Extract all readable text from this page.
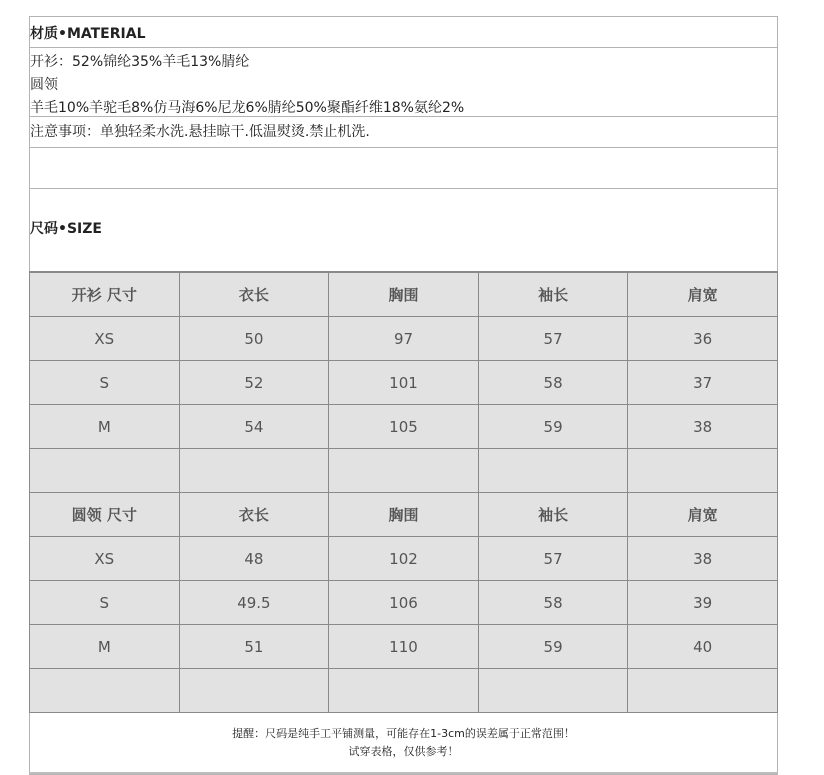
材质•MATERIAL
开衫：52%锦纶35%羊毛13%腈纶
圆领
羊毛10%羊驼毛8%仿马海6%尼龙6%腈纶50%聚酯纤维18%氨纶2%
注意事项：单独轻柔水洗.悬挂晾干.低温熨烫.禁止机洗.
尺码•SIZE
开衫 尺寸	衣长	胸围	袖长	肩宽
XS	50	97	57	36
S	52	101	58	37
M	54	105	59	38

圆领 尺寸	衣长	胸围	袖长	肩宽
XS	48	102	57	38
S	49.5	106	58	39
M	51	110	59	40

提醒：尺码是纯手工平铺测量，可能存在1-3cm的误差属于正常范围！
试穿表格，仅供参考！
